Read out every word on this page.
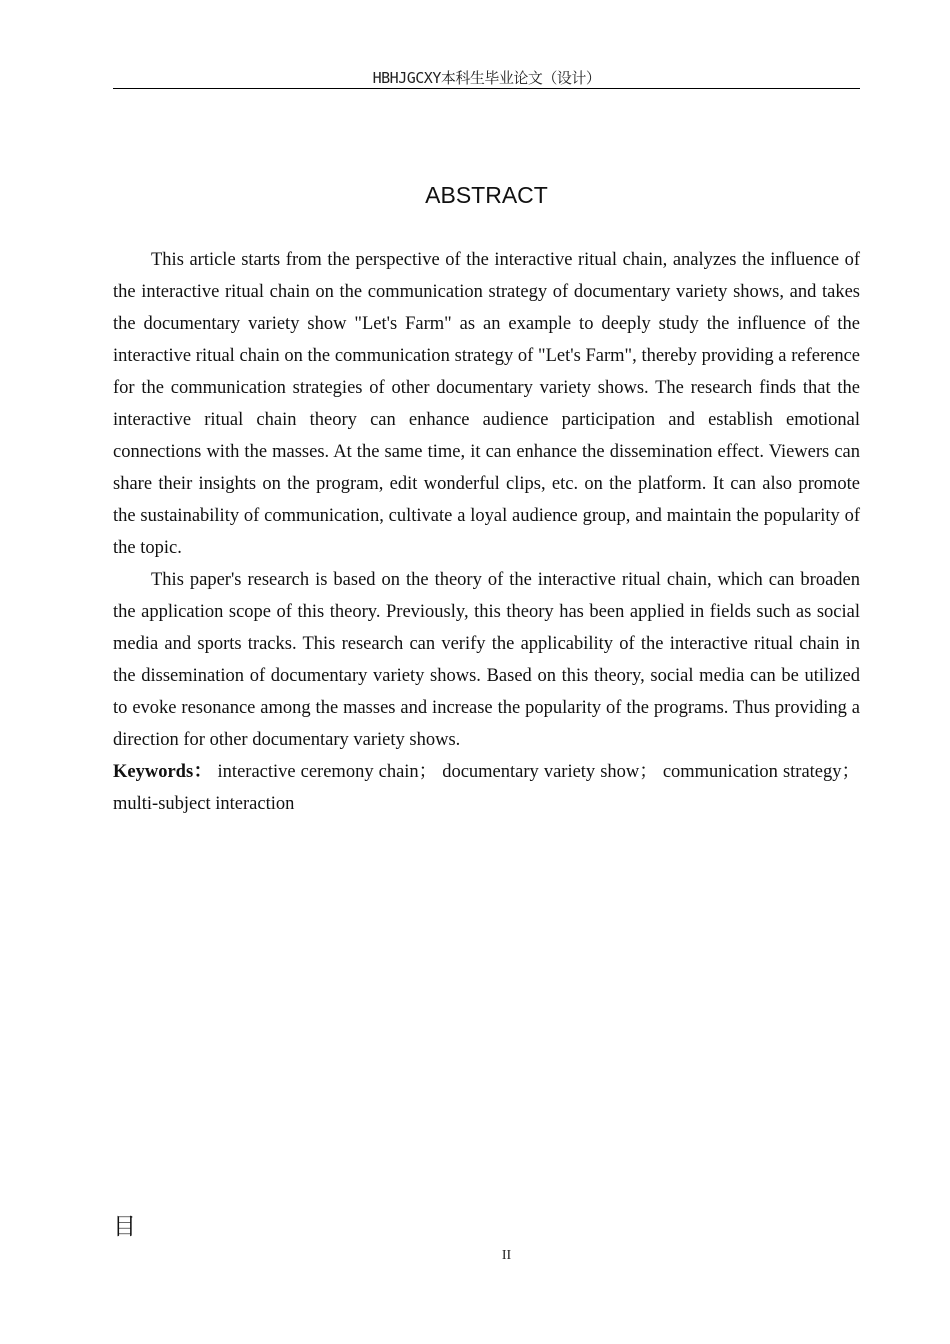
HBHJGCXY本科生毕业论文（设计）
ABSTRACT

This article starts from the perspective of the interactive ritual chain, analyzes the influence of the interactive ritual chain on the communication strategy of documentary variety shows, and takes the documentary variety show "Let's Farm" as an example to deeply study the influence of the interactive ritual chain on the communication strategy of "Let's Farm", thereby providing a reference for the communication strategies of other documentary variety shows. The research finds that the interactive ritual chain theory can enhance audience participation and establish emotional connections with the masses. At the same time, it can enhance the dissemination effect. Viewers can share their insights on the program, edit wonderful clips, etc. on the platform. It can also promote the sustainability of communication, cultivate a loyal audience group, and maintain the popularity of the topic.

This paper's research is based on the theory of the interactive ritual chain, which can broaden the application scope of this theory. Previously, this theory has been applied in fields such as social media and sports tracks. This research can verify the applicability of the interactive ritual chain in the dissemination of documentary variety shows. Based on this theory, social media can be utilized to evoke resonance among the masses and increase the popularity of the programs. Thus providing a direction for other documentary variety shows.

Keywords： interactive ceremony chain； documentary variety show； communication strategy；multi-subject interaction

目
II
